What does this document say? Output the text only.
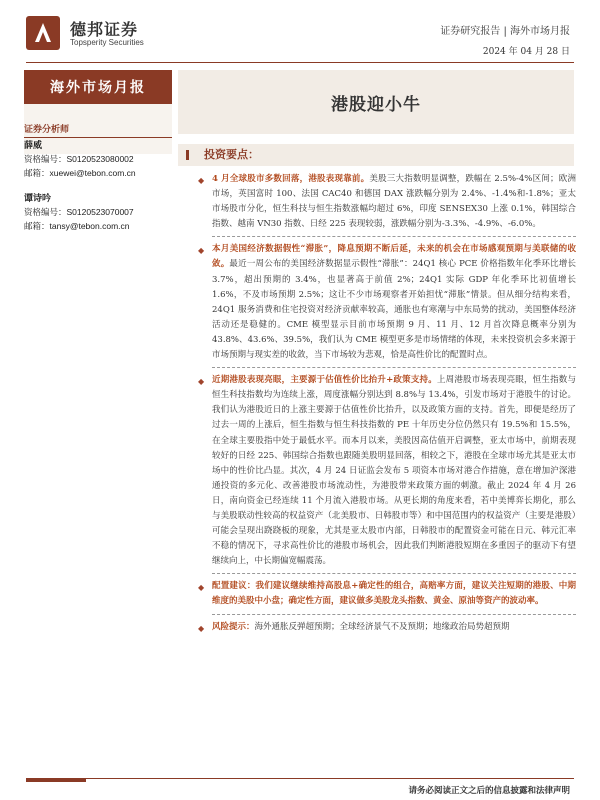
德邦证券
Topsperity Securities
证券研究报告 | 海外市场月报
2024 年 04 月 28 日
海外市场月报
证券分析师
薛威
资格编号：S0120523080002
邮箱：xuewei@tebon.com.cn
谭诗吟
资格编号：S0120523070007
邮箱：tansy@tebon.com.cn
港股迎小牛
投资要点：
◆ 4 月全球股市多数回落，港股表现靠前。美股三大指数明显调整，跌幅在 2.5%-4%区间；欧洲市场，英国富时 100、法国 CAC40 和德国 DAX 涨跌幅分别为 2.4%、-1.4%和-1.8%；亚太市场股市分化，恒生科技与恒生指数涨幅均超过 6%，印度 SENSEX30 上涨 0.1%，韩国综合指数、越南 VN30 指数、日经 225 表现较弱，涨跌幅分别为-3.3%、-4.9%、-6.0%。
◆ 本月美国经济数据假性“滞胀”，降息预期不断后延，未来的机会在市场感观预期与美联储的收敛。最近一周公布的美国经济数据显示假性“滞胀”：24Q1 核心 PCE 价格指数年化季环比增长 3.7%，超出预期的 3.4%，也显著高于前值 2%；24Q1 实际 GDP 年化季环比初值增长 1.6%，不及市场预期 2.5%；这让不少市场观察者开始担忧“滞胀”情景。但从细分结构来看，24Q1 服务消费和住宅投资对经济贡献率较高，通胀也有寒潮与中东局势的扰动，美国整体经济活动还是稳健的。CME 模型显示目前市场预期 9 月、11 月、12 月首次降息概率分别为 43.8%、43.6%、39.5%，我们认为 CME 模型更多是市场情绪的体现，未来投资机会多来源于市场预期与现实差的收敛，当下市场较为悲观，恰是高性价比的配置时点。
◆ 近期港股表现亮眼，主要源于估值性价比抬升+政策支持。上周港股市场表现亮眼，恒生指数与恒生科技指数均为连续上涨，周度涨幅分别达到 8.8%与 13.4%，引发市场对于港股牛的讨论。我们认为港股近日的上涨主要源于估值性价比抬升，以及政策方面的支持。首先，即便是经历了过去一周的上涨后，恒生指数与恒生科技指数的 PE 十年历史分位仍然只有 19.5%和 15.5%，在全球主要股指中处于最低水平。而本月以来，美股因高估值开启调整，亚太市场中，前期表现较好的日经 225、韩国综合指数也跟随美股明显回落，相较之下，港股在全球市场尤其是亚太市场中的性价比凸显。其次，4 月 24 日证监会发布 5 项资本市场对港合作措施，意在增加沪深港通投资的多元化、改善港股市场流动性，为港股带来政策方面的刺激。截止 2024 年 4 月 26 日，南向资金已经连续 11 个月流入港股市场。从更长期的角度来看，若中美博弈长期化，那么与美股联动性较高的权益资产（北美股市、日韩股市等）和中国范围内的权益资产（主要是港股）可能会呈现出跷跷板的现象，尤其是亚太股市内部，日韩股市的配置资金可能在日元、韩元汇率不稳的情况下，寻求高性价比的港股市场机会，因此我们判断港股短期在多重因子的驱动下有望继续向上，中长期偏宽幅震荡。
◆ 配置建议：我们建议继续维持高股息+确定性的组合，高赔率方面，建议关注短期的港股、中期维度的美股中小盘；确定性方面，建议做多美股龙头指数、黄金、原油等资产的波动率。
◆ 风险提示：海外通胀反弹超预期；全球经济景气不及预期；地缘政治局势超预期
请务必阅读正文之后的信息披露和法律声明
